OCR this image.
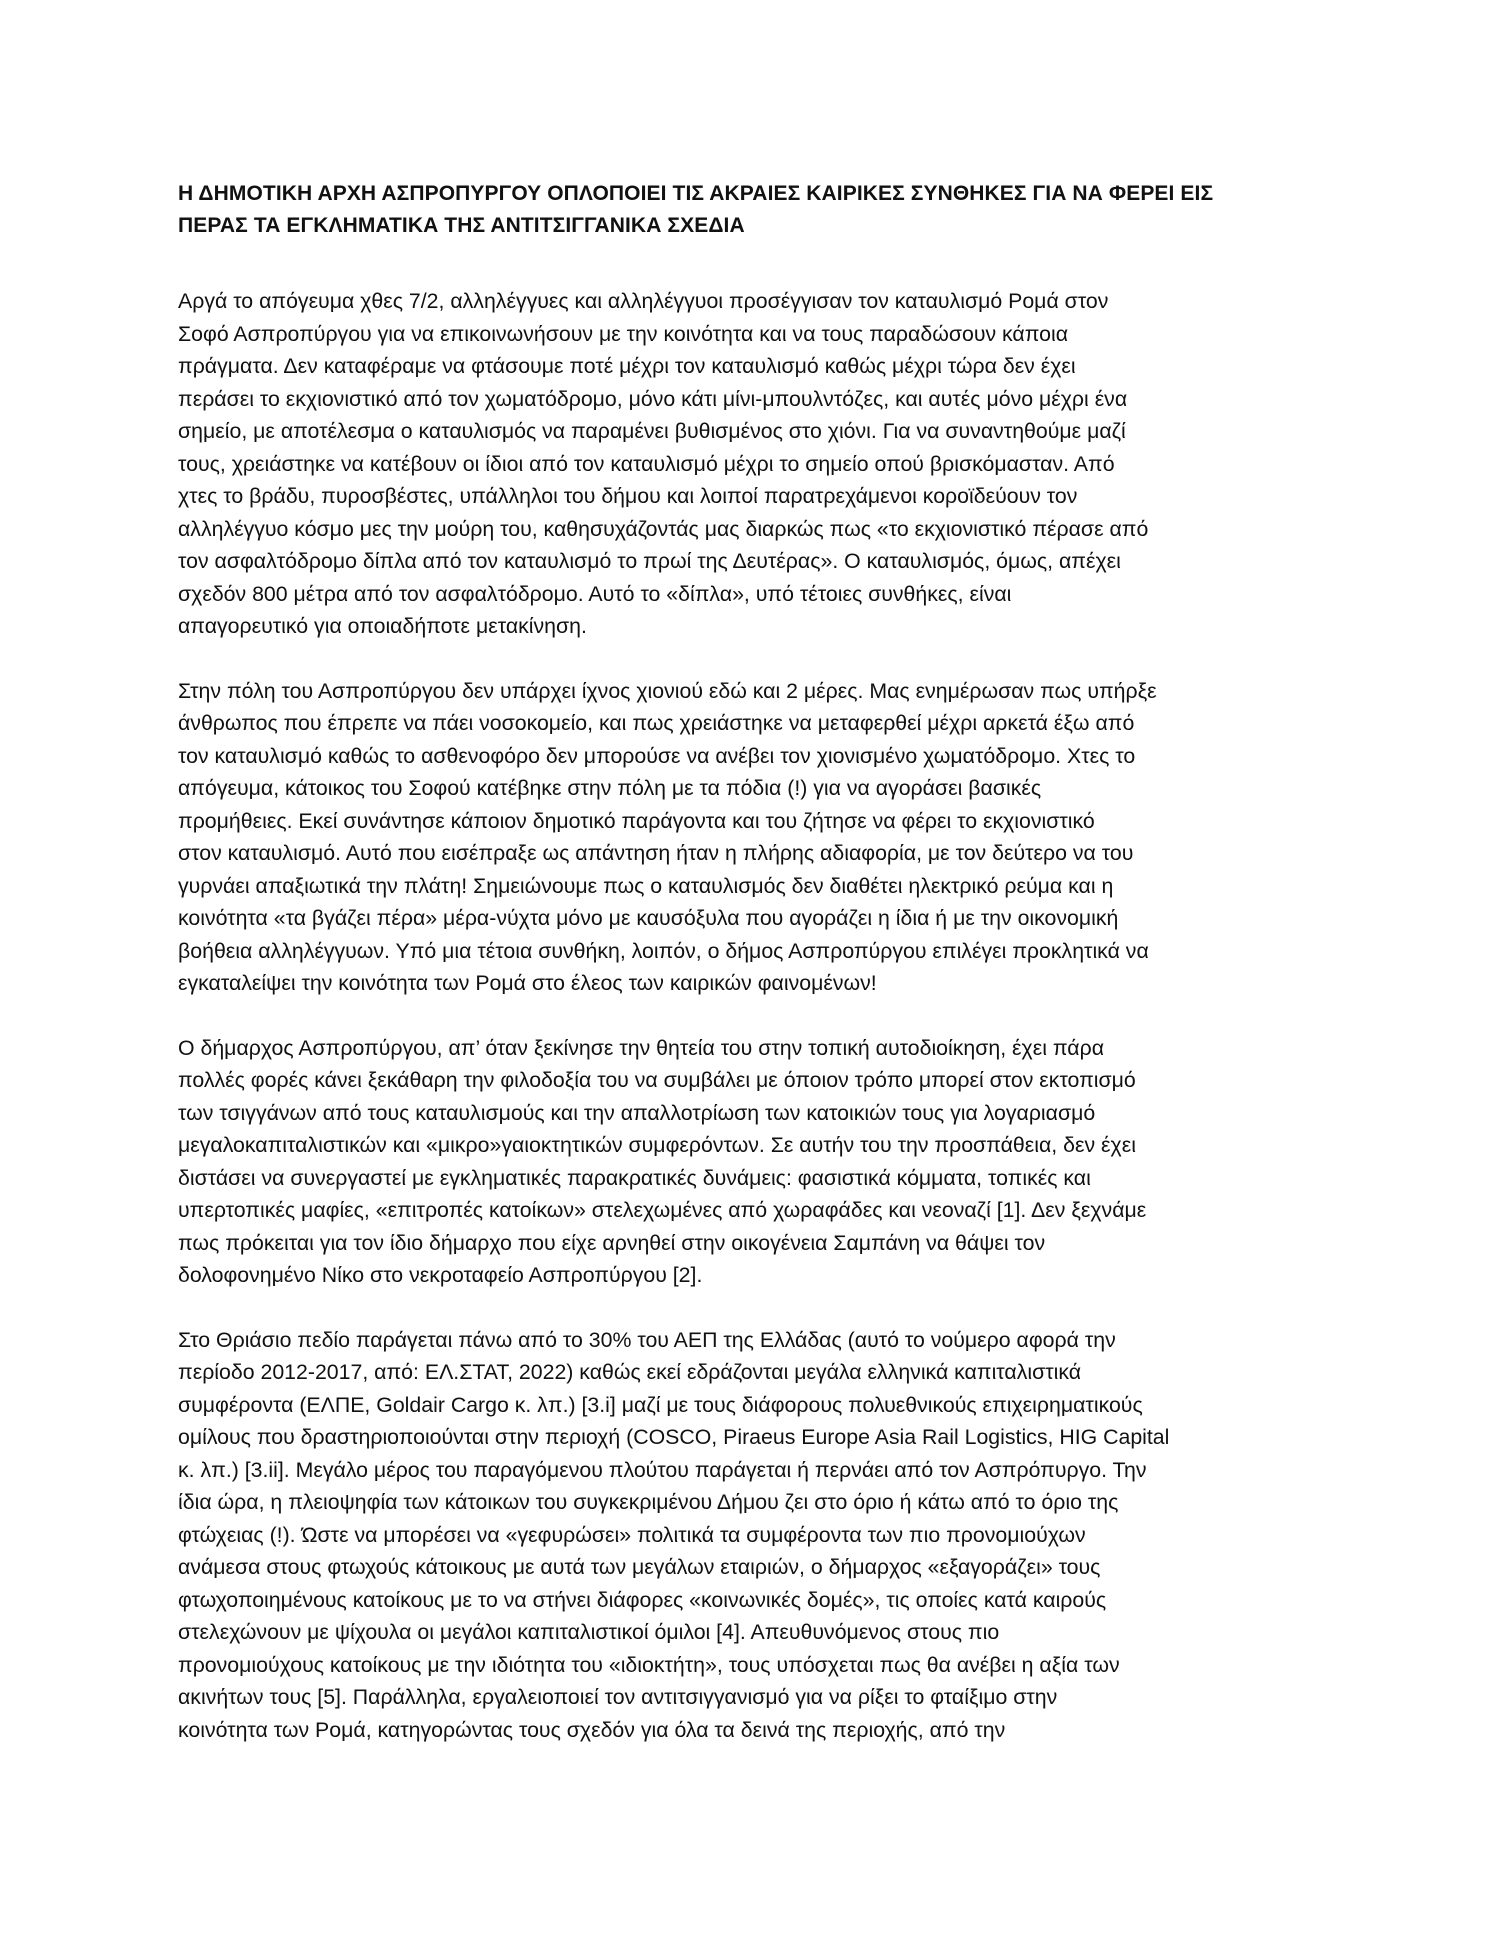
Η ΔΗΜΟΤΙΚΗ ΑΡΧΗ ΑΣΠΡΟΠΥΡΓΟΥ ΟΠΛΟΠΟΙΕΙ ΤΙΣ ΑΚΡΑΙΕΣ ΚΑΙΡΙΚΕΣ ΣΥΝΘΗΚΕΣ ΓΙΑ ΝΑ ΦΕΡΕΙ ΕΙΣ
ΠΕΡΑΣ ΤΑ ΕΓΚΛΗΜΑΤΙΚΑ ΤΗΣ ΑΝΤΙΤΣΙΓΓΑΝΙΚΑ ΣΧΕΔΙΑ

Αργά το απόγευμα χθες 7/2, αλληλέγγυες και αλληλέγγυοι προσέγγισαν τον καταυλισμό Ρομά στον
Σοφό Ασπροπύργου για να επικοινωνήσουν με την κοινότητα και να τους παραδώσουν κάποια
πράγματα. Δεν καταφέραμε να φτάσουμε ποτέ μέχρι τον καταυλισμό καθώς μέχρι τώρα δεν έχει
περάσει το εκχιονιστικό από τον χωματόδρομο, μόνο κάτι μίνι-μπουλντόζες, και αυτές μόνο μέχρι ένα
σημείο, με αποτέλεσμα ο καταυλισμός να παραμένει βυθισμένος στο χιόνι. Για να συναντηθούμε μαζί
τους, χρειάστηκε να κατέβουν οι ίδιοι από τον καταυλισμό μέχρι το σημείο οπού βρισκόμασταν. Από
χτες το βράδυ, πυροσβέστες, υπάλληλοι του δήμου και λοιποί παρατρεχάμενοι κοροϊδεύουν τον
αλληλέγγυο κόσμο μες την μούρη του, καθησυχάζοντάς μας διαρκώς πως «το εκχιονιστικό πέρασε από
τον ασφαλτόδρομο δίπλα από τον καταυλισμό το πρωί της Δευτέρας». Ο καταυλισμός, όμως, απέχει
σχεδόν 800 μέτρα από τον ασφαλτόδρομο. Αυτό το «δίπλα», υπό τέτοιες συνθήκες, είναι
απαγορευτικό για οποιαδήποτε μετακίνηση.

Στην πόλη του Ασπροπύργου δεν υπάρχει ίχνος χιονιού εδώ και 2 μέρες. Μας ενημέρωσαν πως υπήρξε
άνθρωπος που έπρεπε να πάει νοσοκομείο, και πως χρειάστηκε να μεταφερθεί μέχρι αρκετά έξω από
τον καταυλισμό καθώς το ασθενοφόρο δεν μπορούσε να ανέβει τον χιονισμένο χωματόδρομο. Χτες το
απόγευμα, κάτοικος του Σοφού κατέβηκε στην πόλη με τα πόδια (!) για να αγοράσει βασικές
προμήθειες. Εκεί συνάντησε κάποιον δημοτικό παράγοντα και του ζήτησε να φέρει το εκχιονιστικό
στον καταυλισμό. Αυτό που εισέπραξε ως απάντηση ήταν η πλήρης αδιαφορία, με τον δεύτερο να του
γυρνάει απαξιωτικά την πλάτη! Σημειώνουμε πως ο καταυλισμός δεν διαθέτει ηλεκτρικό ρεύμα και η
κοινότητα «τα βγάζει πέρα» μέρα-νύχτα μόνο με καυσόξυλα που αγοράζει η ίδια ή με την οικονομική
βοήθεια αλληλέγγυων. Υπό μια τέτοια συνθήκη, λοιπόν, ο δήμος Ασπροπύργου επιλέγει προκλητικά να
εγκαταλείψει την κοινότητα των Ρομά στο έλεος των καιρικών φαινομένων!

Ο δήμαρχος Ασπροπύργου, απ’ όταν ξεκίνησε την θητεία του στην τοπική αυτοδιοίκηση, έχει πάρα
πολλές φορές κάνει ξεκάθαρη την φιλοδοξία του να συμβάλει με όποιον τρόπο μπορεί στον εκτοπισμό
των τσιγγάνων από τους καταυλισμούς και την απαλλοτρίωση των κατοικιών τους για λογαριασμό
μεγαλοκαπιταλιστικών και «μικρο»γαιοκτητικών συμφερόντων. Σε αυτήν του την προσπάθεια, δεν έχει
διστάσει να συνεργαστεί με εγκληματικές παρακρατικές δυνάμεις: φασιστικά κόμματα, τοπικές και
υπερτοπικές μαφίες, «επιτροπές κατοίκων» στελεχωμένες από χωραφάδες και νεοναζί [1]. Δεν ξεχνάμε
πως πρόκειται για τον ίδιο δήμαρχο που είχε αρνηθεί στην οικογένεια Σαμπάνη να θάψει τον
δολοφονημένο Νίκο στο νεκροταφείο Ασπροπύργου [2].

Στο Θριάσιο πεδίο παράγεται πάνω από το 30% του ΑΕΠ της Ελλάδας (αυτό το νούμερο αφορά την
περίοδο 2012-2017, από: ΕΛ.ΣΤΑΤ, 2022) καθώς εκεί εδράζονται μεγάλα ελληνικά καπιταλιστικά
συμφέροντα (ΕΛΠΕ, Goldair Cargo κ. λπ.) [3.i] μαζί με τους διάφορους πολυεθνικούς επιχειρηματικούς
ομίλους που δραστηριοποιούνται στην περιοχή (COSCO, Piraeus Europe Asia Rail Logistics, HIG Capital
κ. λπ.) [3.ii]. Μεγάλο μέρος του παραγόμενου πλούτου παράγεται ή περνάει από τον Ασπρόπυργο. Την
ίδια ώρα, η πλειοψηφία των κάτοικων του συγκεκριμένου Δήμου ζει στο όριο ή κάτω από το όριο της
φτώχειας (!). Ώστε να μπορέσει να «γεφυρώσει» πολιτικά τα συμφέροντα των πιο προνομιούχων
ανάμεσα στους φτωχούς κάτοικους με αυτά των μεγάλων εταιριών, ο δήμαρχος «εξαγοράζει» τους
φτωχοποιημένους κατοίκους με το να στήνει διάφορες «κοινωνικές δομές», τις οποίες κατά καιρούς
στελεχώνουν με ψίχουλα οι μεγάλοι καπιταλιστικοί όμιλοι [4]. Απευθυνόμενος στους πιο
προνομιούχους κατοίκους με την ιδιότητα του «ιδιοκτήτη», τους υπόσχεται πως θα ανέβει η αξία των
ακινήτων τους [5]. Παράλληλα, εργαλειοποιεί τον αντιτσιγγανισμό για να ρίξει το φταίξιμο στην
κοινότητα των Ρομά, κατηγορώντας τους σχεδόν για όλα τα δεινά της περιοχής, από την
